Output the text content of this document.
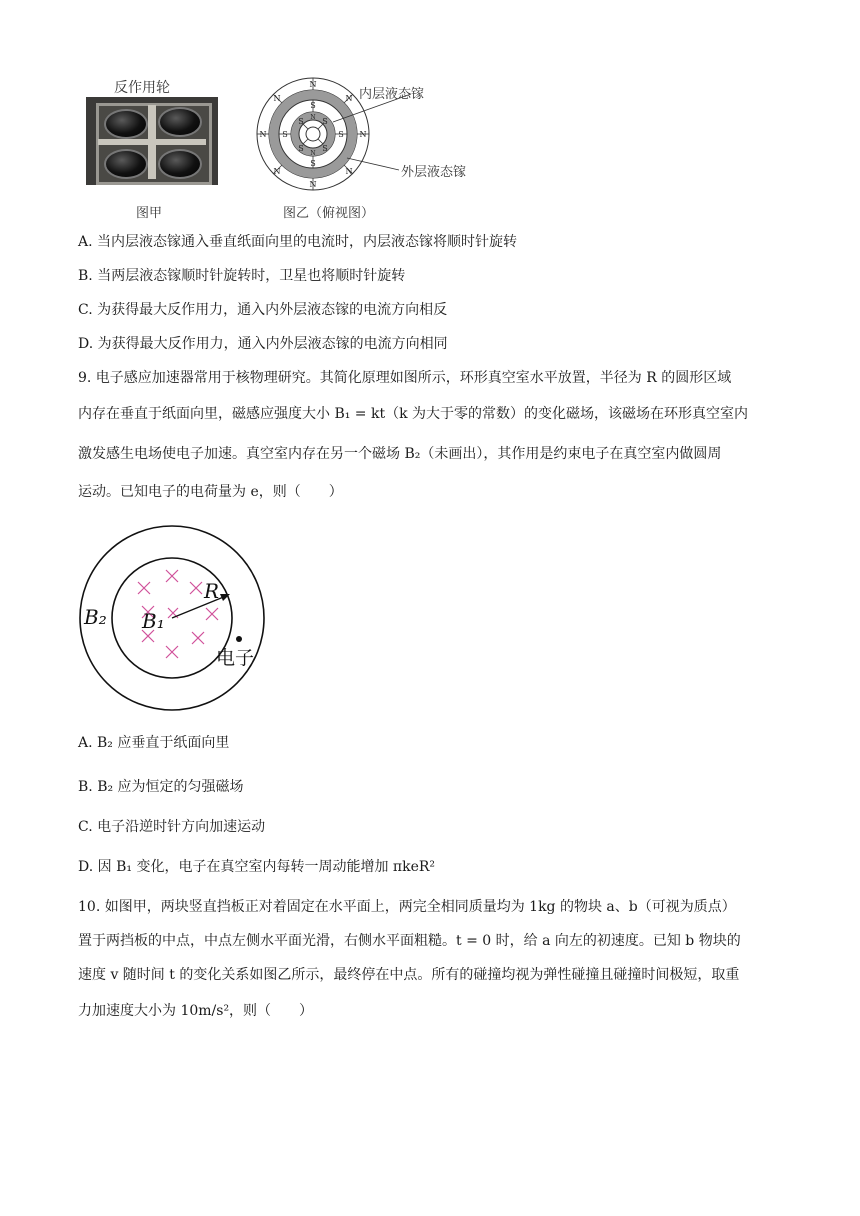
反作用轮
图甲
N
N
N	N
N	N
N	N
S
S
S	S
S S
S S
N
N
内层液态镓
外层液态镓
图乙（俯视图）
A. 当内层液态镓通入垂直纸面向里的电流时，内层液态镓将顺时针旋转
B. 当两层液态镓顺时针旋转时，卫星也将顺时针旋转
C. 为获得最大反作用力，通入内外层液态镓的电流方向相反
D. 为获得最大反作用力，通入内外层液态镓的电流方向相同
9. 电子感应加速器常用于核物理研究。其简化原理如图所示，环形真空室水平放置，半径为 R 的圆形区域
内存在垂直于纸面向里，磁感应强度大小 B₁ = kt（k 为大于零的常数）的变化磁场，该磁场在环形真空室内
激发感生电场使电子加速。真空室内存在另一个磁场 B₂（未画出），其作用是约束电子在真空室内做圆周
运动。已知电子的电荷量为 e，则（　　）
B₂ B₁
R
电子
A. B₂ 应垂直于纸面向里
B. B₂ 应为恒定的匀强磁场
C. 电子沿逆时针方向加速运动
D. 因 B₁ 变化，电子在真空室内每转一周动能增加 πkeR²
10. 如图甲，两块竖直挡板正对着固定在水平面上，两完全相同质量均为 1kg 的物块 a、b（可视为质点）
置于两挡板的中点，中点左侧水平面光滑，右侧水平面粗糙。t = 0 时，给 a 向左的初速度。已知 b 物块的
速度 v 随时间 t 的变化关系如图乙所示，最终停在中点。所有的碰撞均视为弹性碰撞且碰撞时间极短，取重
力加速度大小为 10m/s²，则（　　）
